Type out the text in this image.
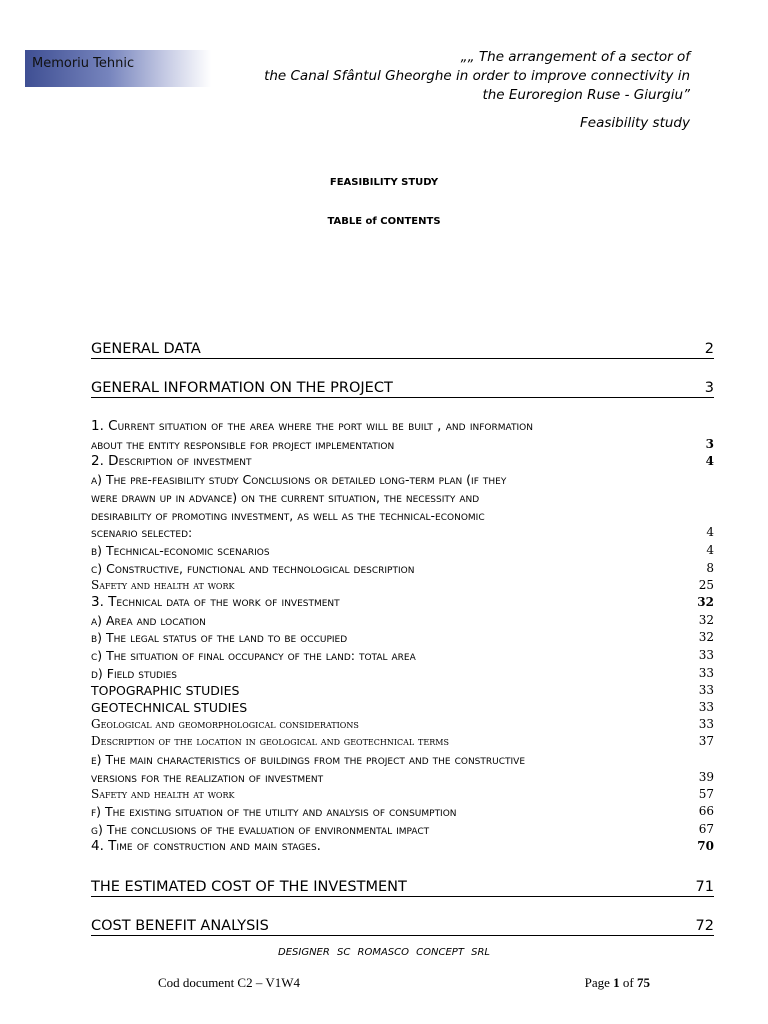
Memoriu Tehnic	„„ The arrangement of a sector of
the Canal Sfântul Gheorghe in order to improve connectivity in
the Euroregion Ruse - Giurgiu”
Feasibility study
FEASIBILITY STUDY
TABLE of CONTENTS
GENERAL DATA	2
GENERAL INFORMATION ON THE PROJECT	3
1. Current situation of the area where the port will be built , and information
about the entity responsible for project implementation	3
2. Description of investment	4
a) The pre-feasibility study Conclusions or detailed long-term plan (if they
were drawn up in advance) on the current situation, the necessity and
desirability of promoting investment, as well as the technical-economic
scenario selected:	4
b) Technical-economic scenarios	4
c) Constructive, functional and technological description	8
Safety and health at work	25
3. Technical data of the work of investment	32
a) Area and location	32
b) The legal status of the land to be occupied	32
c) The situation of final occupancy of the land: total area	33
d) Field studies	33
TOPOGRAPHIC STUDIES	33
GEOTECHNICAL STUDIES	33
Geological and geomorphological considerations	33
Description of the location in geological and geotechnical terms	37
e) The main characteristics of buildings from the project and the constructive
versions for the realization of investment	39
Safety and health at work	57
f) The existing situation of the utility and analysis of consumption	66
g) The conclusions of the evaluation of environmental impact	67
4. Time of construction and main stages.	70
THE ESTIMATED COST OF THE INVESTMENT	71
COST BENEFIT ANALYSIS	72
DESIGNER SC ROMASCO CONCEPT SRL
Cod document C2 – V1W4	Page 1 of 75
